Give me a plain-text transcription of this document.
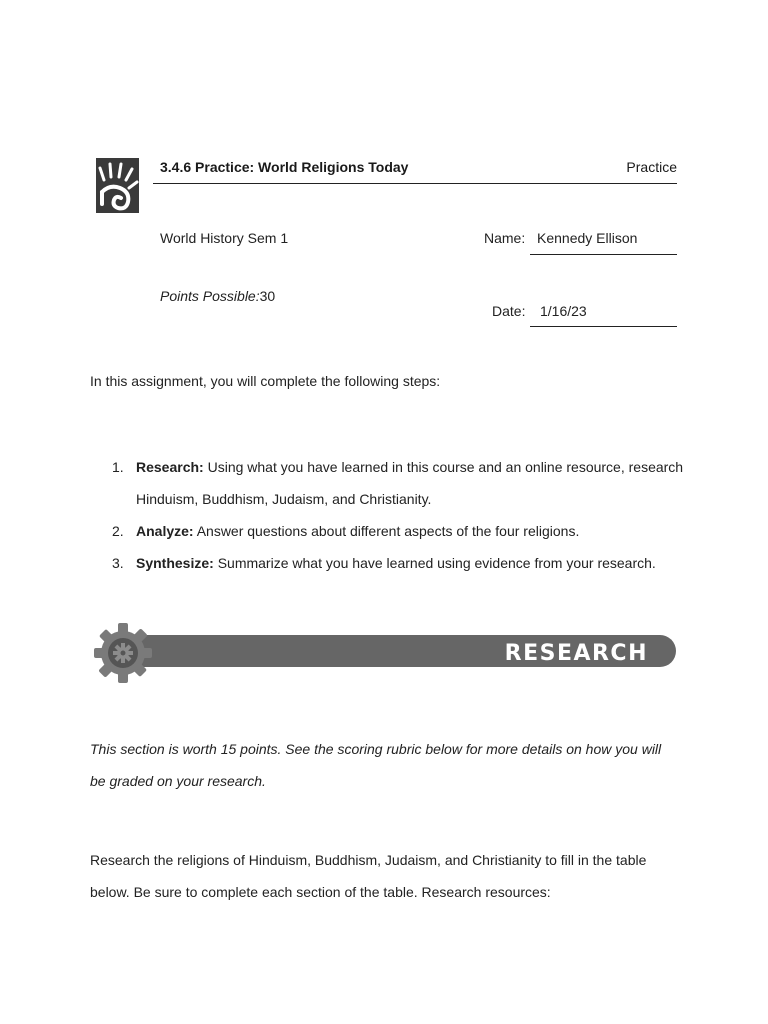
3.4.6 Practice: World Religions Today	Practice
World History Sem 1	Name: Kennedy Ellison
Points Possible:30
Date: 1/16/23
In this assignment, you will complete the following steps:
1. Research: Using what you have learned in this course and an online resource, research Hinduism, Buddhism, Judaism, and Christianity.
2. Analyze: Answer questions about different aspects of the four religions.
3. Synthesize: Summarize what you have learned using evidence from your research.
RESEARCH
This section is worth 15 points. See the scoring rubric below for more details on how you will be graded on your research.
Research the religions of Hinduism, Buddhism, Judaism, and Christianity to fill in the table below. Be sure to complete each section of the table. Research resources:
